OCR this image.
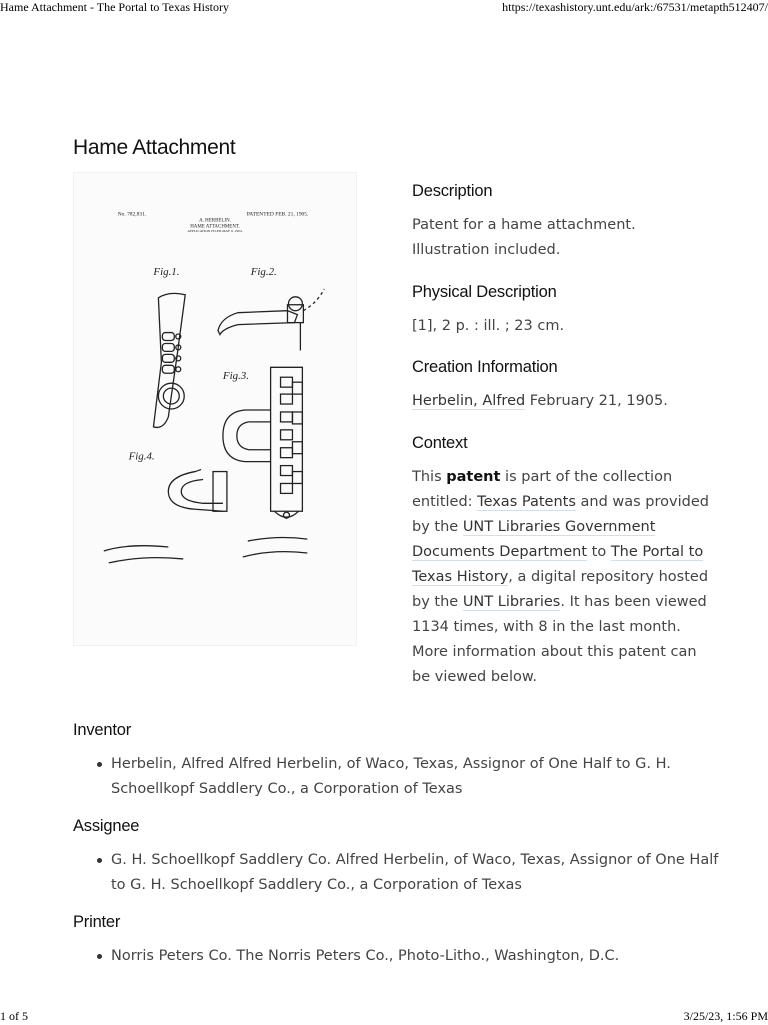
Hame Attachment - The Portal to Texas History	https://texashistory.unt.edu/ark:/67531/metapth512407/
Hame Attachment
No. 782,831.	PATENTED FEB. 21, 1905.
A. HERBELIN.
HAME ATTACHMENT.
APPLICATION FILED MAY 9, 1904.
Fig.1.	Fig.2.
Fig.3.
Fig.4.
Description

Patent for a hame attachment. Illustration included.

Physical Description

[1], 2 p. : ill. ; 23 cm.

Creation Information

Herbelin, Alfred February 21, 1905.

Context

This patent is part of the collection entitled: Texas Patents and was provided by the UNT Libraries Government Documents Department to The Portal to Texas History, a digital repository hosted by the UNT Libraries. It has been viewed 1134 times, with 8 in the last month. More information about this patent can be viewed below.

Inventor
Herbelin, Alfred Alfred Herbelin, of Waco, Texas, Assignor of One Half to G. H. Schoellkopf Saddlery Co., a Corporation of Texas
Assignee
G. H. Schoellkopf Saddlery Co. Alfred Herbelin, of Waco, Texas, Assignor of One Half to G. H. Schoellkopf Saddlery Co., a Corporation of Texas
Printer
Norris Peters Co. The Norris Peters Co., Photo-Litho., Washington, D.C.
1 of 5	3/25/23, 1:56 PM
